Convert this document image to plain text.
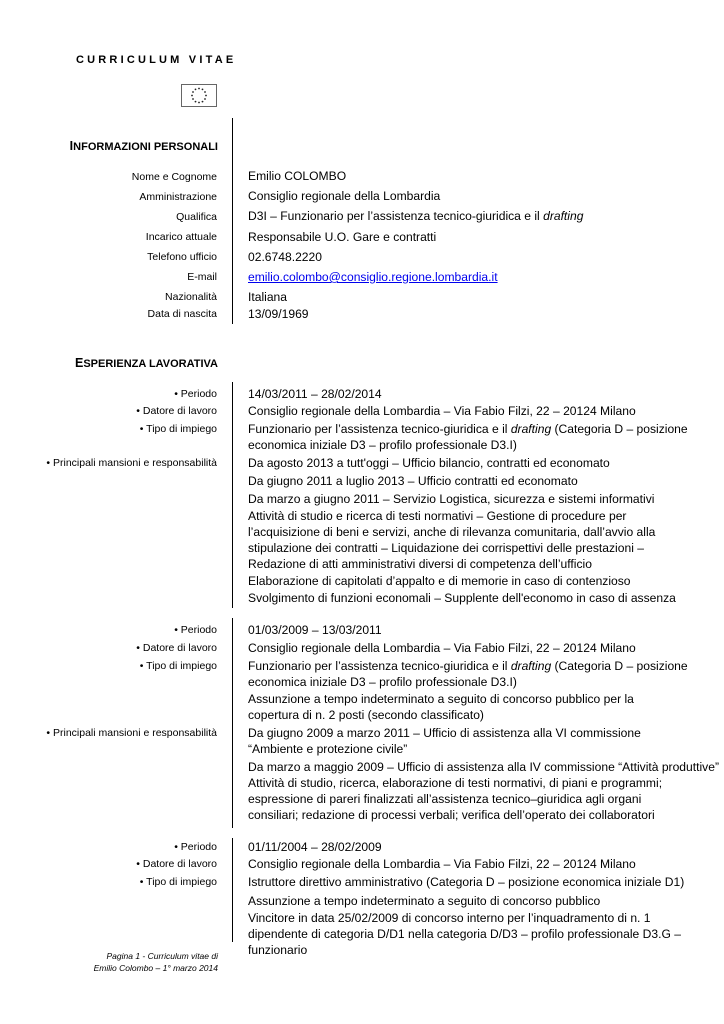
CURRICULUM VITAE
INFORMAZIONI PERSONALI
Nome e Cognome	Emilio COLOMBO
Amministrazione	Consiglio regionale della Lombardia
Qualifica	D3I – Funzionario per l’assistenza tecnico-giuridica e il drafting
Incarico attuale	Responsabile U.O. Gare e contratti
Telefono ufficio	02.6748.2220
E-mail	emilio.colombo@consiglio.regione.lombardia.it
Nazionalità	Italiana
Data di nascita	13/09/1969
ESPERIENZA LAVORATIVA
• Periodo	14/03/2011 – 28/02/2014
• Datore di lavoro	Consiglio regionale della Lombardia – Via Fabio Filzi, 22 – 20124 Milano
• Tipo di impiego	Funzionario per l’assistenza tecnico-giuridica e il drafting (Categoria D – posizione economica iniziale D3 – profilo professionale D3.I)
• Principali mansioni e responsabilità	Da agosto 2013 a tutt'oggi – Ufficio bilancio, contratti ed economato
Da giugno 2011 a luglio 2013 – Ufficio contratti ed economato
Da marzo a giugno 2011 – Servizio Logistica, sicurezza e sistemi informativi
Attività di studio e ricerca di testi normativi – Gestione di procedure per l’acquisizione di beni e servizi, anche di rilevanza comunitaria, dall’avvio alla stipulazione dei contratti – Liquidazione dei corrispettivi delle prestazioni – Redazione di atti amministrativi diversi di competenza dell’ufficio
Elaborazione di capitolati d’appalto e di memorie in caso di contenzioso
Svolgimento di funzioni economali – Supplente dell'economo in caso di assenza
• Periodo	01/03/2009 – 13/03/2011
• Datore di lavoro	Consiglio regionale della Lombardia – Via Fabio Filzi, 22 – 20124 Milano
• Tipo di impiego	Funzionario per l’assistenza tecnico-giuridica e il drafting (Categoria D – posizione economica iniziale D3 – profilo professionale D3.I)
Assunzione a tempo indeterminato a seguito di concorso pubblico per la copertura di n. 2 posti (secondo classificato)
• Principali mansioni e responsabilità	Da giugno 2009 a marzo 2011 – Ufficio di assistenza alla VI commissione “Ambiente e protezione civile”
Da marzo a maggio 2009 – Ufficio di assistenza alla IV commissione “Attività produttive”
Attività di studio, ricerca, elaborazione di testi normativi, di piani e programmi; espressione di pareri finalizzati all’assistenza tecnico–giuridica agli organi consiliari; redazione di processi verbali; verifica dell’operato dei collaboratori
• Periodo	01/11/2004 – 28/02/2009
• Datore di lavoro	Consiglio regionale della Lombardia – Via Fabio Filzi, 22 – 20124 Milano
• Tipo di impiego	Istruttore direttivo amministrativo (Categoria D – posizione economica iniziale D1)
Assunzione a tempo indeterminato a seguito di concorso pubblico
Vincitore in data 25/02/2009 di concorso interno per l’inquadramento di n. 1 dipendente di categoria D/D1 nella categoria D/D3 – profilo professionale D3.G – funzionario
Pagina 1 - Curriculum vitae di
Emilio Colombo – 1° marzo 2014
